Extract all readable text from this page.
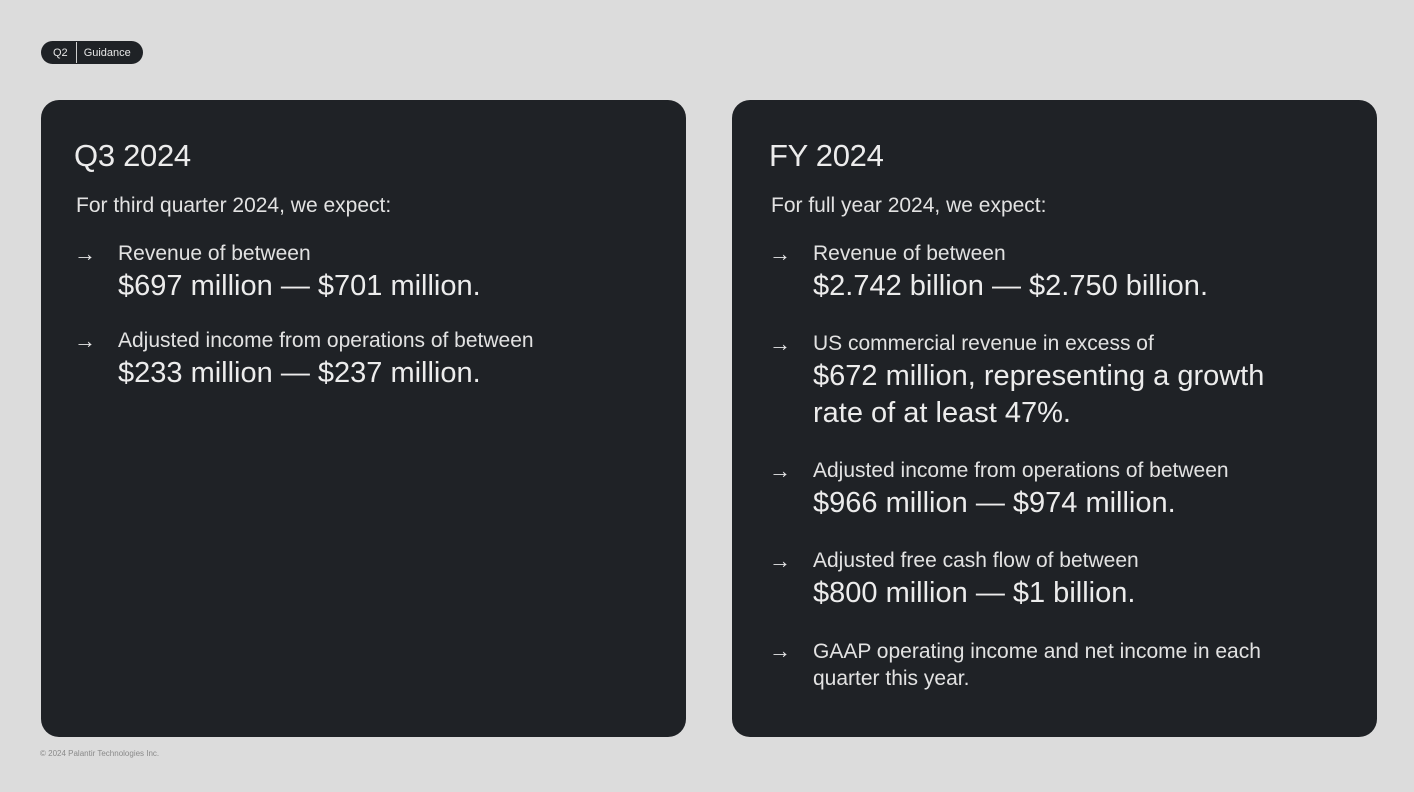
Q2 Guidance
Q3 2024
For third quarter 2024, we expect:
→	Revenue of between
$697 million — $701 million.
→	Adjusted income from operations of between
$233 million — $237 million.
FY 2024
For full year 2024, we expect:
→	Revenue of between
$2.742 billion — $2.750 billion.
→	US commercial revenue in excess of
$672 million, representing a growth rate of at least 47%.
→	Adjusted income from operations of between
$966 million — $974 million.
→	Adjusted free cash flow of between
$800 million — $1 billion.
→	GAAP operating income and net income in each quarter this year.
© 2024 Palantir Technologies Inc.
